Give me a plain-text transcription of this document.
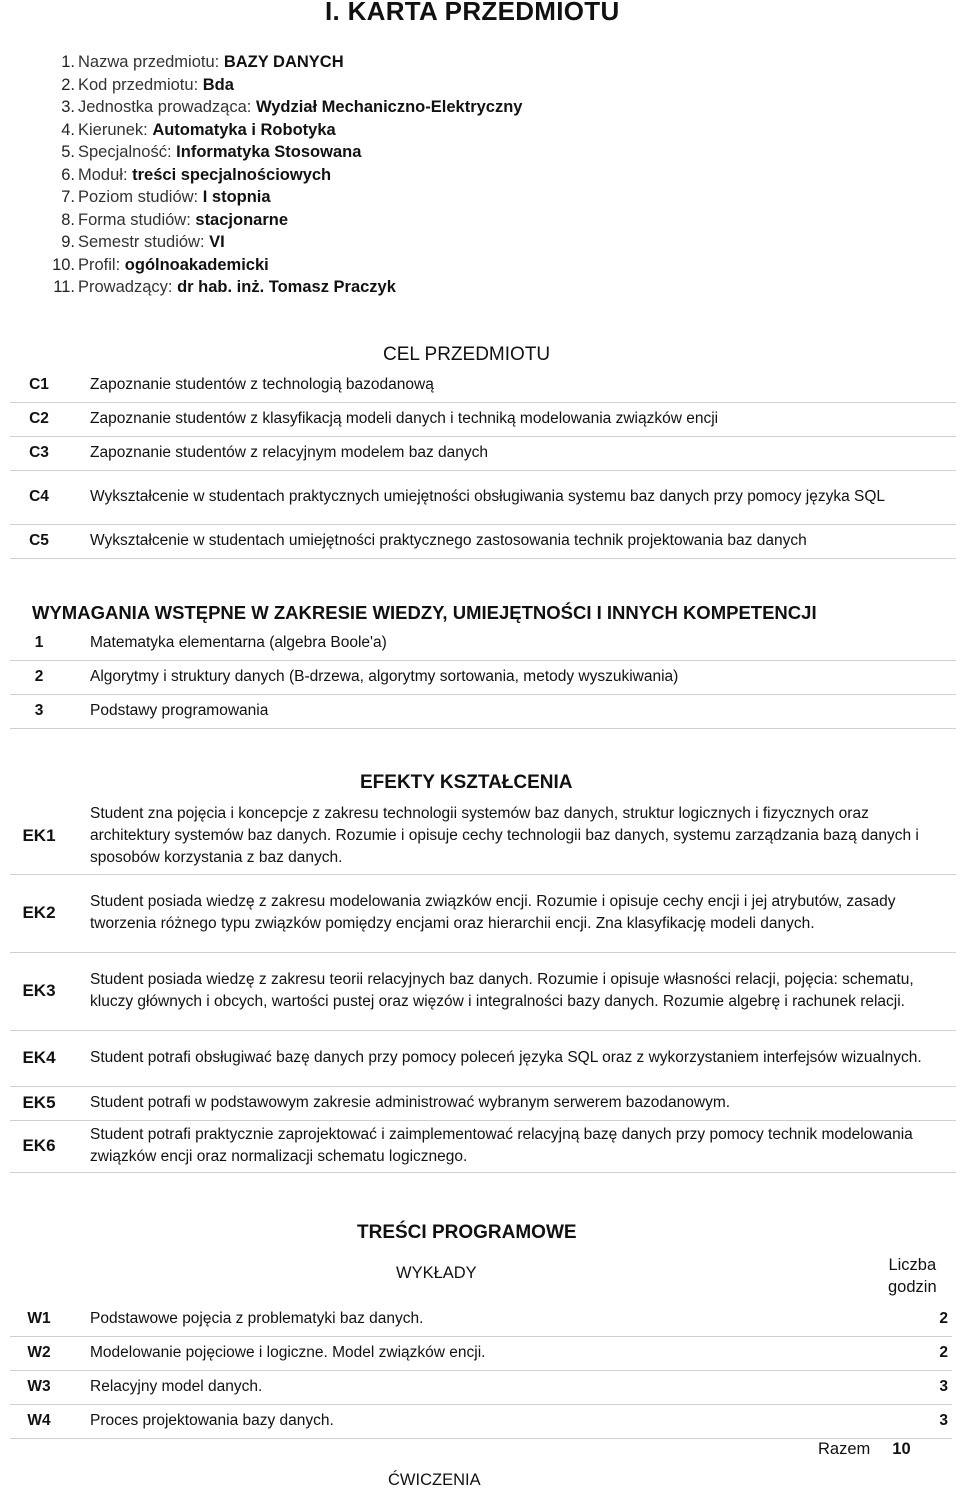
I. KARTA PRZEDMIOTU
1. Nazwa przedmiotu: BAZY DANYCH
2. Kod przedmiotu: Bda
3. Jednostka prowadząca: Wydział Mechaniczno-Elektryczny
4. Kierunek: Automatyka i Robotyka
5. Specjalność: Informatyka Stosowana
6. Moduł: treści specjalnościowych
7. Poziom studiów: I stopnia
8. Forma studiów: stacjonarne
9. Semestr studiów: VI
10. Profil: ogólnoakademicki
11. Prowadzący: dr hab. inż. Tomasz Praczyk
CEL PRZEDMIOTU
C1	Zapoznanie studentów z technologią bazodanową
C2	Zapoznanie studentów z klasyfikacją modeli danych i techniką modelowania związków encji
C3	Zapoznanie studentów z relacyjnym modelem baz danych
C4	Wykształcenie w studentach praktycznych umiejętności obsługiwania systemu baz danych przy pomocy języka SQL
C5	Wykształcenie w studentach umiejętności praktycznego zastosowania technik projektowania baz danych
WYMAGANIA WSTĘPNE W ZAKRESIE WIEDZY, UMIEJĘTNOŚCI I INNYCH KOMPETENCJI
1	Matematyka elementarna (algebra Boole'a)
2	Algorytmy i struktury danych (B-drzewa, algorytmy sortowania, metody wyszukiwania)
3	Podstawy programowania
EFEKTY KSZTAŁCENIA
EK1	Student zna pojęcia i koncepcje z zakresu technologii systemów baz danych, struktur logicznych i fizycznych oraz architektury systemów baz danych. Rozumie i opisuje cechy technologii baz danych, systemu zarządzania bazą danych i sposobów korzystania z baz danych.
EK2	Student posiada wiedzę z zakresu modelowania związków encji. Rozumie i opisuje cechy encji i jej atrybutów, zasady tworzenia różnego typu związków pomiędzy encjami oraz hierarchii encji. Zna klasyfikację modeli danych.
EK3	Student posiada wiedzę z zakresu teorii relacyjnych baz danych. Rozumie i opisuje własności relacji, pojęcia: schematu, kluczy głównych i obcych, wartości pustej oraz więzów i integralności bazy danych. Rozumie algebrę i rachunek relacji.
EK4	Student potrafi obsługiwać bazę danych przy pomocy poleceń języka SQL oraz z wykorzystaniem interfejsów wizualnych.
EK5	Student potrafi w podstawowym zakresie administrować wybranym serwerem bazodanowym.
EK6	Student potrafi praktycznie zaprojektować i zaimplementować relacyjną bazę danych przy pomocy technik modelowania związków encji oraz normalizacji schematu logicznego.
TREŚCI PROGRAMOWE
WYKŁADY	Liczba
godzin
W1	Podstawowe pojęcia z problematyki baz danych.	2
W2	Modelowanie pojęciowe i logiczne. Model związków encji.	2
W3	Relacyjny model danych.	3
W4	Proces projektowania bazy danych.	3
Razem 10
ĆWICZENIA
